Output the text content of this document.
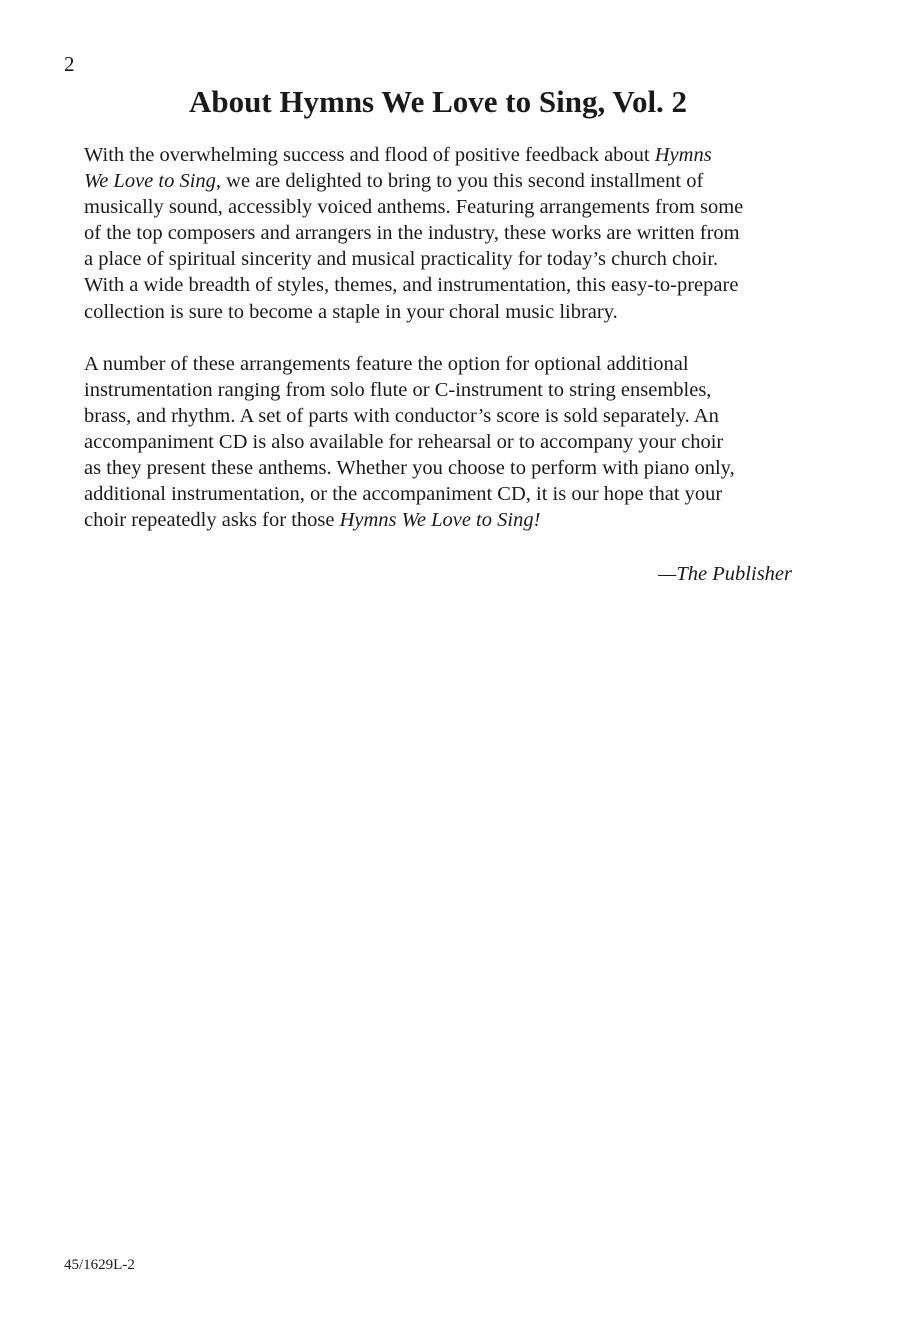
2
About Hymns We Love to Sing, Vol. 2

With the overwhelming success and flood of positive feedback about Hymns
We Love to Sing, we are delighted to bring to you this second installment of
musically sound, accessibly voiced anthems. Featuring arrangements from some
of the top composers and arrangers in the industry, these works are written from
a place of spiritual sincerity and musical practicality for today’s church choir.
With a wide breadth of styles, themes, and instrumentation, this easy-to-prepare
collection is sure to become a staple in your choral music library.

A number of these arrangements feature the option for optional additional
instrumentation ranging from solo flute or C-instrument to string ensembles,
brass, and rhythm. A set of parts with conductor’s score is sold separately. An
accompaniment CD is also available for rehearsal or to accompany your choir
as they present these anthems. Whether you choose to perform with piano only,
additional instrumentation, or the accompaniment CD, it is our hope that your
choir repeatedly asks for those Hymns We Love to Sing!

—The Publisher
45/1629L-2
